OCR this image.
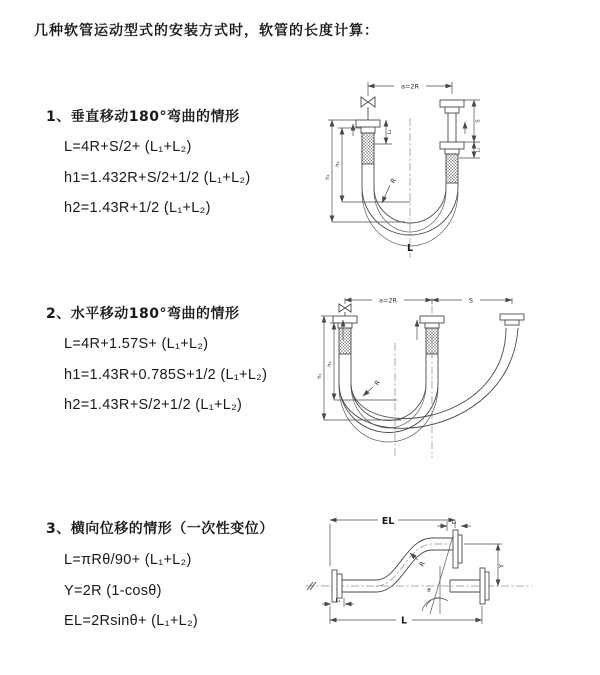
几种软管运动型式的安装方式时，软管的长度计算：
1、垂直移动180°弯曲的情形
L=4R+S/2+ (L₁+L₂)
h1=1.432R+S/2+1/2 (L₁+L₂)
h2=1.43R+1/2 (L₁+L₂)
2、水平移动180°弯曲的情形
L=4R+1.57S+ (L₁+L₂)
h1=1.43R+0.785S+1/2 (L₁+L₂)
h2=1.43R+S/2+1/2 (L₁+L₂)
3、横向位移的情形（一次性变位）
L=πRθ/90+ (L₁+L₂)
Y=2R (1-cosθ)
EL=2Rsinθ+ (L₁+L₂)
a=2R
h₁
h₂
L₁
S
L₂
R
L
a=2R	S
h₁
h₂
R
EL	L₂
Y
L₁
L
R
θ
